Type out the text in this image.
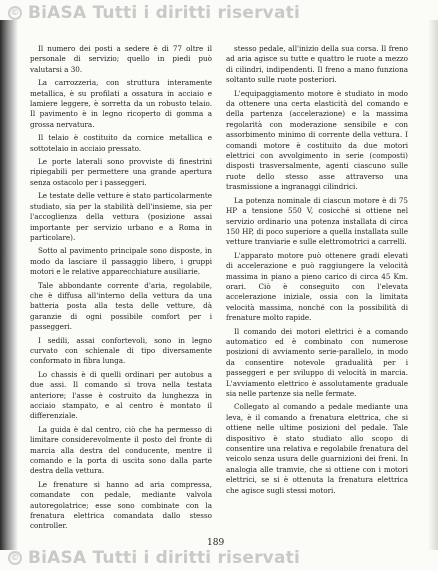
© BiASA Tutti i diritti riservati

Il numero dei posti a sedere è di 77 oltre il personale di servizio; quello in piedi può valutarsi a 30.

La carrozzeria, con struttura interamente metallica, è su profilati a ossatura in acciaio e lamiere leggere, è sorretta da un robusto telaio. Il pavimento è in legno ricoperto di gomma a grossa nervatura.

Il telaio è costituito da cornice metallica e sottotelaio in acciaio pressato.

Le porte laterali sono provviste di finestrini ripiegabili per permettere una grande apertura senza ostacolo per i passeggeri.

Le testate delle vetture è stato particolarmente studiato, sia per la stabilità dell'insieme, sia per l'accoglienza della vettura (posizione assai importante per servizio urbano e a Roma in particolare).

Sotto al pavimento principale sono disposte, in modo da lasciare il passaggio libero, i gruppi motori e le relative apparecchiature ausiliarie.

Tale abbondante corrente d'aria, regolabile, che è diffusa all'interno della vettura da una batteria posta alla testa delle vetture, dà garanzie di ogni possibile comfort per i passeggeri.

I sedili, assai confortevoli, sono in legno curvato con schienale di tipo diversamente conformato in fibra lunga.

Lo chassis è di quelli ordinari per autobus a due assi. Il comando si trova nella testata anteriore; l'asse è costruito da lunghezza in acciaio stampato, e al centro è montato il differenziale.

La guida è dal centro, ciò che ha permesso di limitare considerevolmente il posto del fronte di marcia alla destra del conducente, mentre il comando e la porta di uscita sono dalla parte destra della vettura.

Le frenature si hanno ad aria compressa, comandate con pedale, mediante valvola autoregolatrice; esse sono combinate con la frenatura elettrica comandata dallo stesso controller.

stesso pedale, all'inizio della sua corsa. Il freno ad aria agisce su tutte e quattro le ruote a mezzo di cilindri, indipendenti. Il freno a mano funziona soltanto sulle ruote posteriori.

L'equipaggiamento motore è studiato in modo da ottenere una certa elasticità del comando e della partenza (accelerazione) e la massima regolarità con moderazione sensibile e con assorbimento minimo di corrente della vettura. I comandi motore è costituito da due motori elettrici con avvolgimento in serie (composti) disposti trasversalmente, agenti ciascuno sulle ruote dello stesso asse attraverso una trasmissione a ingranaggi cilindrici.

La potenza nominale di ciascun motore è di 75 HP a tensione 550 V, cosicché si ottiene nel servizio ordinario una potenza installata di circa 150 HP, di poco superiore a quella installata sulle vetture tranviarie e sulle elettromotrici a carrelli.

L'apparato motore può ottenere gradi elevati di accelerazione e può raggiungere la velocità massima in piano a pieno carico di circa 45 Km. orari. Ciò è conseguito con l'elevata accelerazione iniziale, ossia con la limitata velocità massima, nonché con la possibilità di frenature molto rapide.

Il comando dei motori elettrici è a comando automatico ed è combinato con numerose posizioni di avviamento serie-parallelo, in modo da consentire notevole gradualità per i passeggeri e per sviluppo di velocità in marcia. L'avviamento elettrico è assolutamente graduale sia nelle partenze sia nelle fermate.

Collegato al comando a pedale mediante una leva, è il comando a frenatura elettrica, che si ottiene nelle ultime posizioni del pedale. Tale dispositivo è stato studiato allo scopo di consentire una relativa e regolabile frenatura del veicolo senza usura delle guarnizioni dei freni. In analogia alle tramvie, che si ottiene con i motori elettrici, se si è ottenuta la frenatura elettrica che agisce sugli stessi motori.

189
© BiASA Tutti i diritti riservati
